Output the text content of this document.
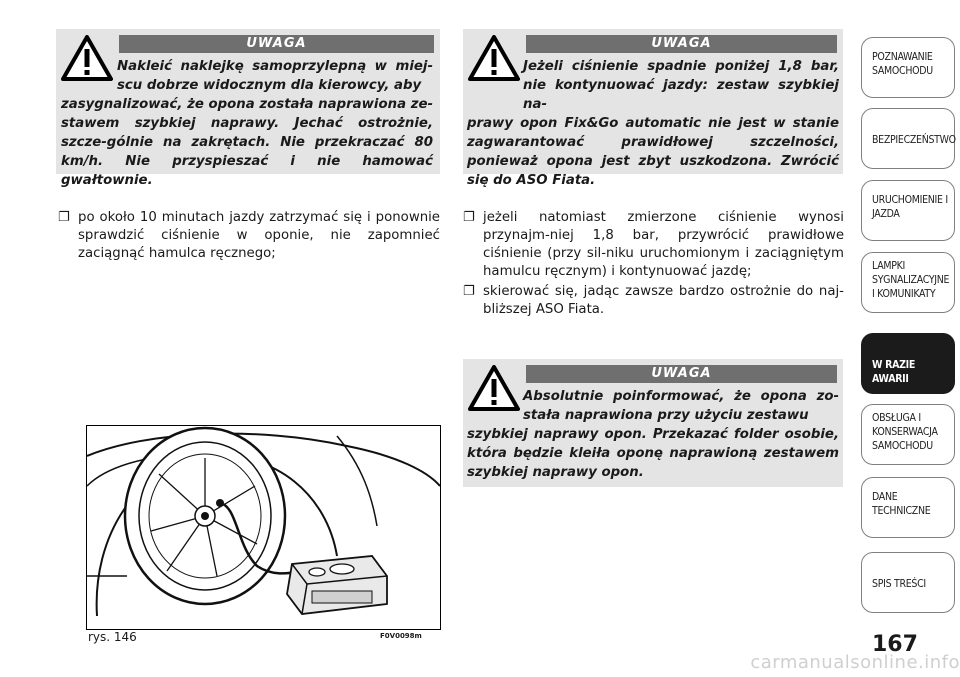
UWAGA
Nakleić naklejkę samoprzylepną w miej-scu dobrze widocznym dla kierowcy, aby
zasygnalizować, że opona została naprawiona ze-stawem szybkiej naprawy. Jechać ostrożnie, szcze-gólnie na zakrętach. Nie przekraczać 80 km/h. Nie przyspieszać i nie hamować gwałtownie.
UWAGA
Jeżeli ciśnienie spadnie poniżej 1,8 bar, nie kontynuować jazdy: zestaw szybkiej na-
prawy opon Fix&Go automatic nie jest w stanie zagwarantować prawidłowej szczelności, ponieważ opona jest zbyt uszkodzona. Zwrócić się do ASO Fiata.
❐ po około 10 minutach jazdy zatrzymać się i ponownie sprawdzić ciśnienie w oponie, nie zapomnieć zaciągnąć hamulca ręcznego;
❐ jeżeli natomiast zmierzone ciśnienie wynosi przynajm-niej 1,8 bar, przywrócić prawidłowe ciśnienie (przy sil-niku uruchomionym i zaciągniętym hamulcu ręcznym) i kontynuować jazdę;
❐ skierować się, jadąc zawsze bardzo ostrożnie do naj-bliższej ASO Fiata.
UWAGA
Absolutnie poinformować, że opona zo-stała naprawiona przy użyciu zestawu
szybkiej naprawy opon. Przekazać folder osobie, która będzie kleiła oponę naprawioną zestawem szybkiej naprawy opon.
rys. 146	F0V0098m
POZNAWANIE SAMOCHODU
BEZPIECZEŃSTWO
URUCHOMIENIE I JAZDA
LAMPKI SYGNALIZACYJNE I KOMUNIKATY
W RAZIE AWARII
OBSŁUGA I KONSERWACJA SAMOCHODU
DANE TECHNICZNE
SPIS TREŚCI
167
carmanualsonline.info
